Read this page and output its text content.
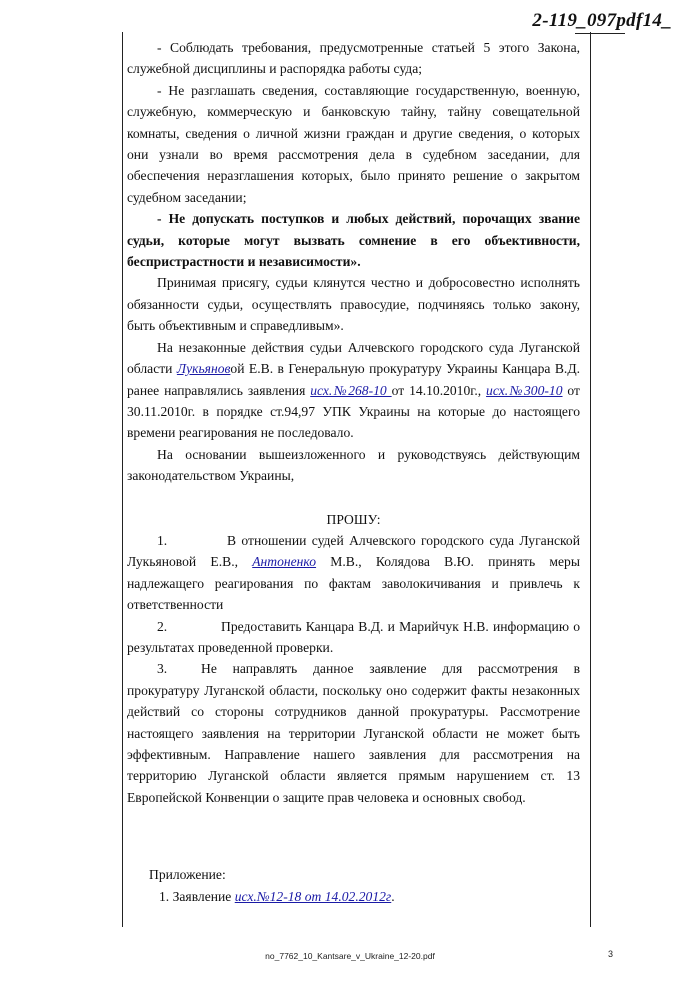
2-119_097pdf14_

- Соблюдать требования, предусмотренные статьей 5 этого Закона, служебной дисциплины и распорядка работы суда;

- Не разглашать сведения, составляющие государственную, военную, служебную, коммерческую и банковскую тайну, тайну совещательной комнаты, сведения о личной жизни граждан и другие сведения, о которых они узнали во время рассмотрения дела в судебном заседании, для обеспечения неразглашения которых, было принято решение о закрытом судебном заседании;

- Не допускать поступков и любых действий, порочащих звание судьи, которые могут вызвать сомнение в его объективности, беспристрастности и независимости».

Принимая присягу, судьи клянутся честно и добросовестно исполнять обязанности судьи, осуществлять правосудие, подчиняясь только закону, быть объективным и справедливым».

На незаконные действия судьи Алчевского городского суда Луганской области Лукьяновой Е.В. в Генеральную прокуратуру Украины Канцара В.Д. ранее направлялись заявления исх.№268-10 от 14.10.2010г., исх.№300-10 от 30.11.2010г. в порядке ст.94,97 УПК Украины на которые до настоящего времени реагирования не последовало.

На основании вышеизложенного и руководствуясь действующим законодательством Украины,

ПРОШУ:

1.	В отношении судей Алчевского городского суда Луганской Лукьяновой Е.В., Антоненко М.В., Колядова В.Ю. принять меры надлежащего реагирования по фактам заволокичивания и привлечь к ответственности

2.	Предоставить Канцара В.Д. и Марийчук Н.В. информацию о результатах проведенной проверки.

3. Не направлять данное заявление для рассмотрения в прокуратуру Луганской области, поскольку оно содержит факты незаконных действий со стороны сотрудников данной прокуратуры. Рассмотрение настоящего заявления на территории Луганской области не может быть эффективным. Направление нашего заявления для рассмотрения на территорию Луганской области является прямым нарушением ст. 13 Европейской Конвенции о защите прав человека и основных свобод.

Приложение:

1. Заявление исх.№12-18 от 14.02.2012г.

no_7762_10_Kantsare_v_Ukraine_12-20.pdf	3
